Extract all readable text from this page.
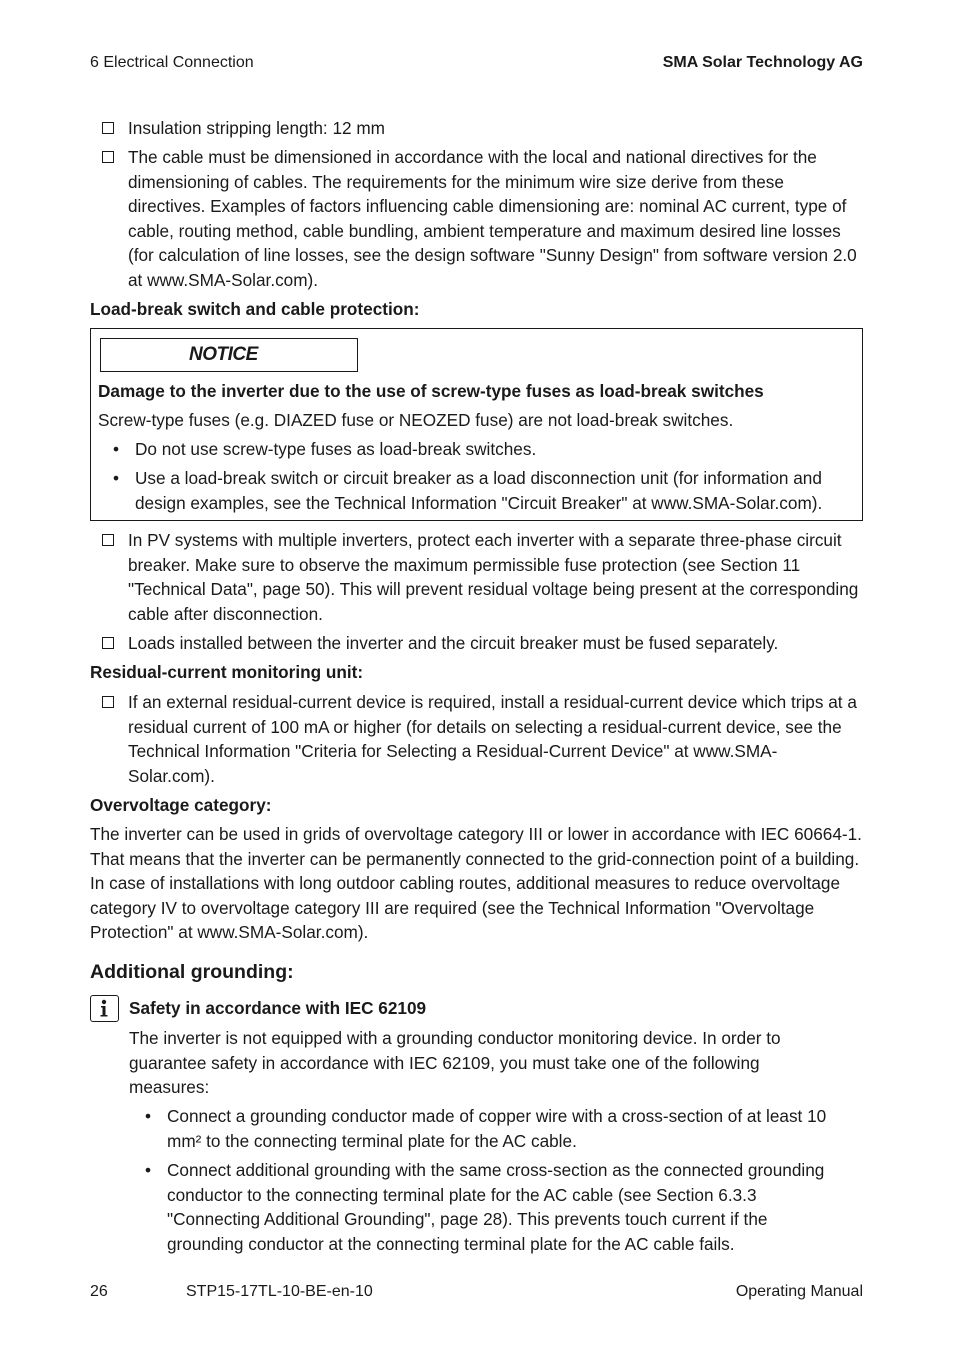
6 Electrical Connection	SMA Solar Technology AG
Insulation stripping length: 12 mm
The cable must be dimensioned in accordance with the local and national directives for the dimensioning of cables. The requirements for the minimum wire size derive from these directives. Examples of factors influencing cable dimensioning are: nominal AC current, type of cable, routing method, cable bundling, ambient temperature and maximum desired line losses (for calculation of line losses, see the design software "Sunny Design" from software version 2.0 at www.SMA-Solar.com).
Load-break switch and cable protection:
NOTICE
Damage to the inverter due to the use of screw-type fuses as load-break switches
Screw-type fuses (e.g. DIAZED fuse or NEOZED fuse) are not load-break switches.
• Do not use screw-type fuses as load-break switches.
• Use a load-break switch or circuit breaker as a load disconnection unit (for information and design examples, see the Technical Information "Circuit Breaker" at www.SMA-Solar.com).
In PV systems with multiple inverters, protect each inverter with a separate three-phase circuit breaker. Make sure to observe the maximum permissible fuse protection (see Section 11 "Technical Data", page 50). This will prevent residual voltage being present at the corresponding cable after disconnection.
Loads installed between the inverter and the circuit breaker must be fused separately.
Residual-current monitoring unit:
If an external residual-current device is required, install a residual-current device which trips at a residual current of 100 mA or higher (for details on selecting a residual-current device, see the Technical Information "Criteria for Selecting a Residual-Current Device" at www.SMA-Solar.com).
Overvoltage category:
The inverter can be used in grids of overvoltage category III or lower in accordance with IEC 60664-1. That means that the inverter can be permanently connected to the grid-connection point of a building. In case of installations with long outdoor cabling routes, additional measures to reduce overvoltage category IV to overvoltage category III are required (see the Technical Information "Overvoltage Protection" at www.SMA-Solar.com).
Additional grounding:
Safety in accordance with IEC 62109
The inverter is not equipped with a grounding conductor monitoring device. In order to guarantee safety in accordance with IEC 62109, you must take one of the following measures:
• Connect a grounding conductor made of copper wire with a cross-section of at least 10 mm² to the connecting terminal plate for the AC cable.
• Connect additional grounding with the same cross-section as the connected grounding conductor to the connecting terminal plate for the AC cable (see Section 6.3.3 "Connecting Additional Grounding", page 28). This prevents touch current if the grounding conductor at the connecting terminal plate for the AC cable fails.
26	STP15-17TL-10-BE-en-10	Operating Manual
